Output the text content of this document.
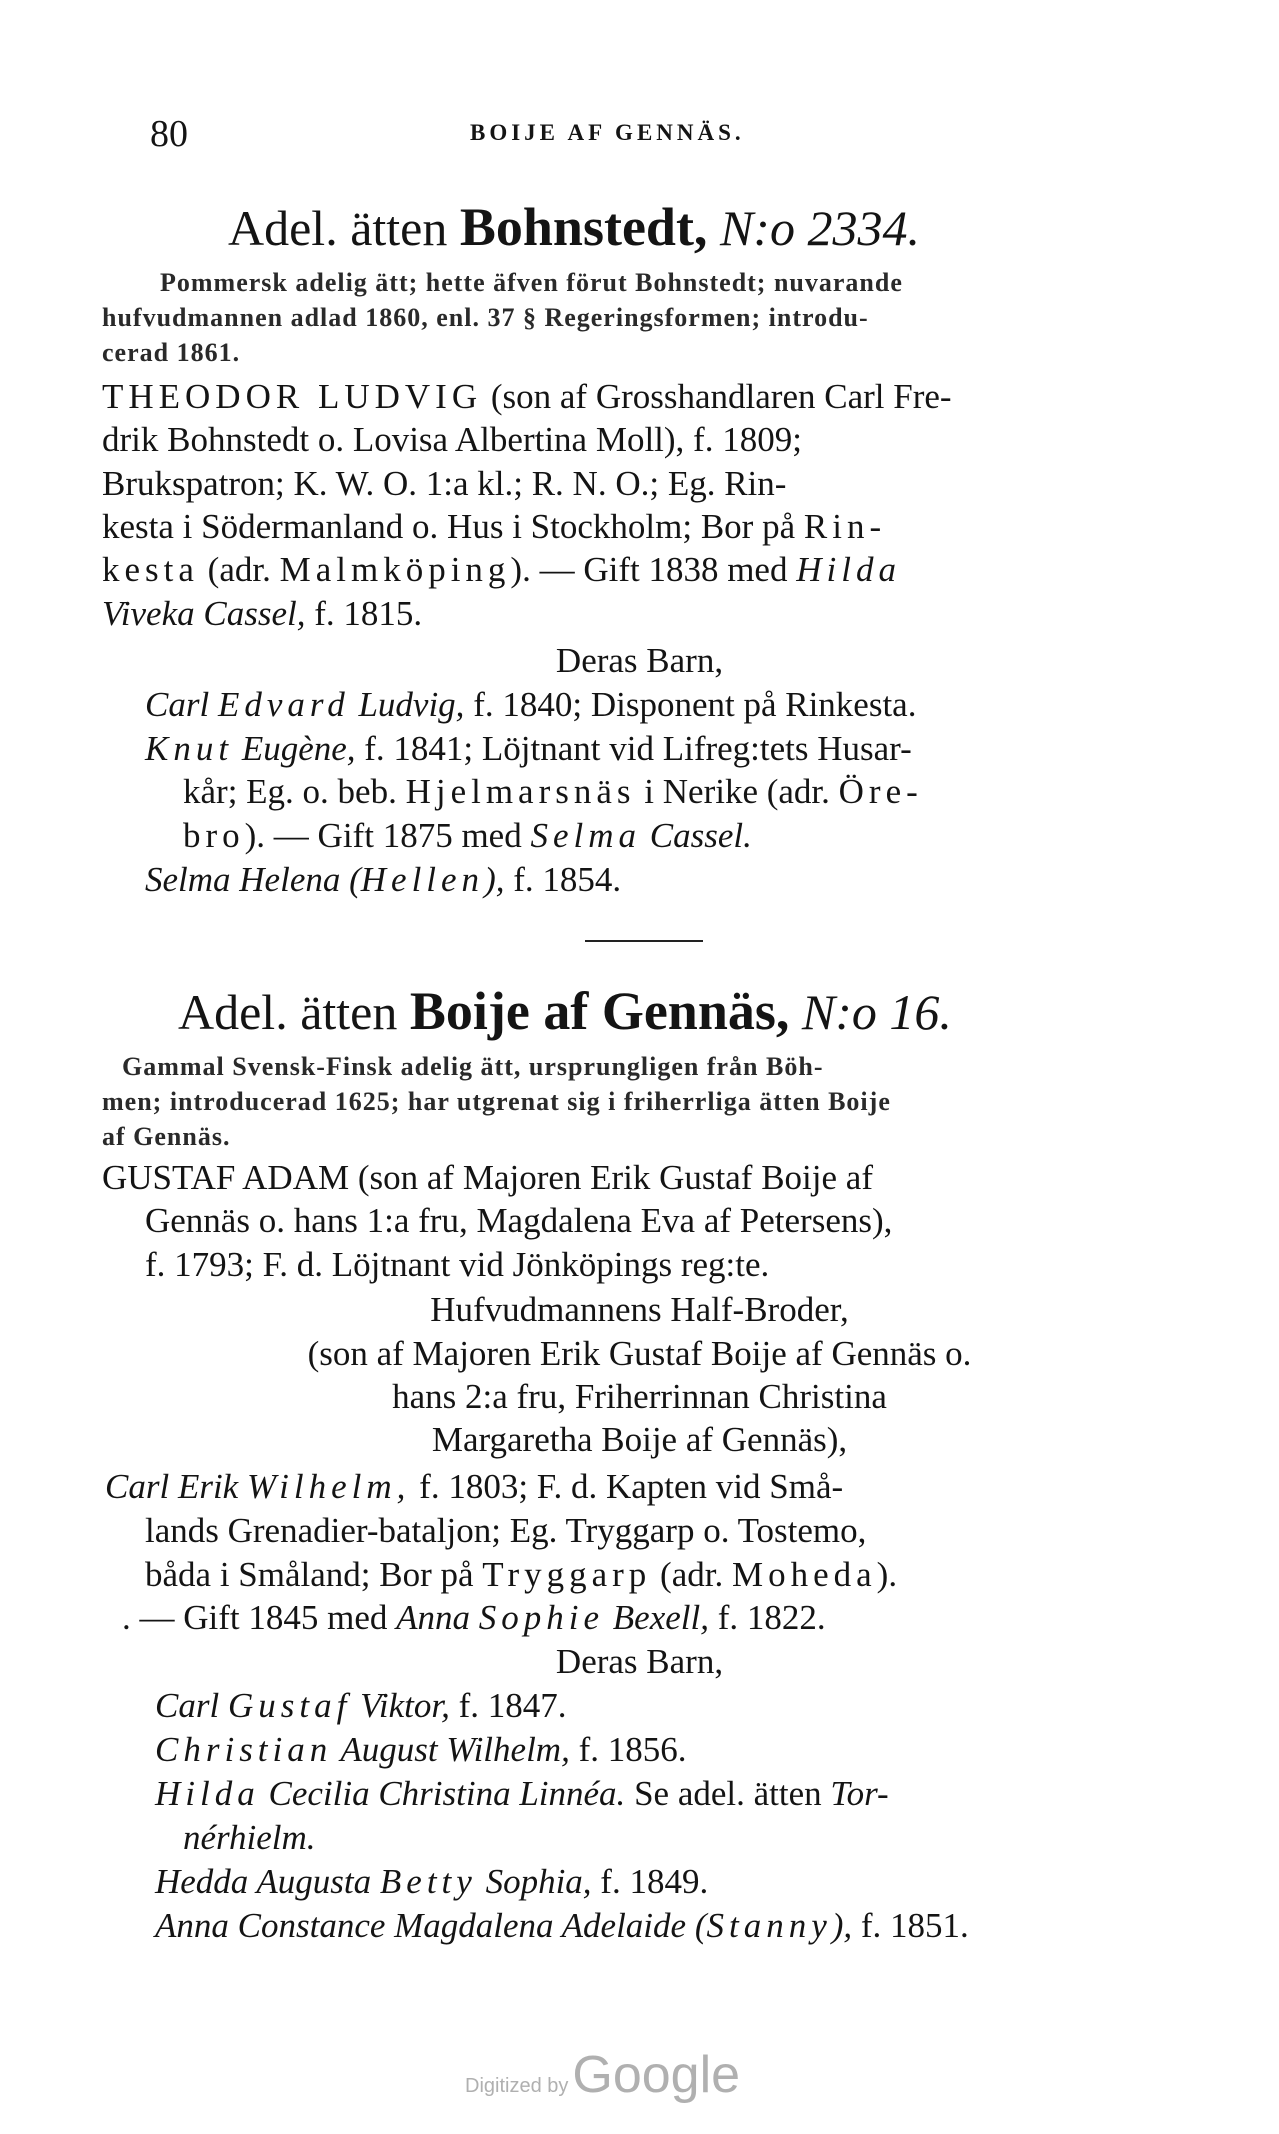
80	BOIJE AF GENNÄS.
Adel. ätten Bohnstedt, N:o 2334.
Pommersk adelig ätt; hette äfven förut Bohnstedt; nuvarande
hufvudmannen adlad 1860, enl. 37 § Regeringsformen; introdu-
cerad 1861.
THEODOR LUDVIG (son af Grosshandlaren Carl Fre-
drik Bohnstedt o. Lovisa Albertina Moll), f. 1809;
Brukspatron; K. W. O. 1:a kl.; R. N. O.; Eg. Rin-
kesta i Södermanland o. Hus i Stockholm; Bor på Rin-
kesta (adr. Malmköping). — Gift 1838 med Hilda
Viveka Cassel, f. 1815.
Deras Barn,
Carl Edvard Ludvig, f. 1840; Disponent på Rinkesta.
Knut Eugène, f. 1841; Löjtnant vid Lifreg:tets Husar-
kår; Eg. o. beb. Hjelmarsnäs i Nerike (adr. Öre-
bro). — Gift 1875 med Selma Cassel.
Selma Helena (Hellen), f. 1854.
Adel. ätten Boije af Gennäs, N:o 16.
Gammal Svensk-Finsk adelig ätt, ursprungligen från Böh-
men; introducerad 1625; har utgrenat sig i friherrliga ätten Boije
af Gennäs.
GUSTAF ADAM (son af Majoren Erik Gustaf Boije af
Gennäs o. hans 1:a fru, Magdalena Eva af Petersens),
f. 1793; F. d. Löjtnant vid Jönköpings reg:te.
Hufvudmannens Half-Broder,
(son af Majoren Erik Gustaf Boije af Gennäs o.
hans 2:a fru, Friherrinnan Christina
Margaretha Boije af Gennäs),
Carl Erik Wilhelm, f. 1803; F. d. Kapten vid Små-
lands Grenadier-bataljon; Eg. Tryggarp o. Tostemo,
båda i Småland; Bor på Tryggarp (adr. Moheda).
. — Gift 1845 med Anna Sophie Bexell, f. 1822.
Deras Barn,
Carl Gustaf Viktor, f. 1847.
Christian August Wilhelm, f. 1856.
Hilda Cecilia Christina Linnéa. Se adel. ätten Tor-
nérhielm.
Hedda Augusta Betty Sophia, f. 1849.
Anna Constance Magdalena Adelaide (Stanny), f. 1851.
Digitized byGoogle
